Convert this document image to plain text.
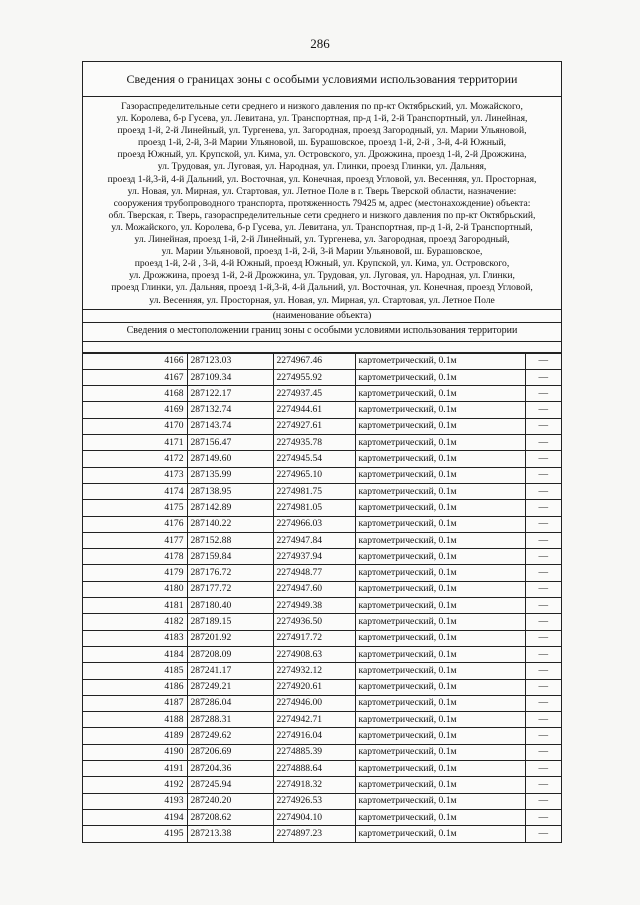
286
Сведения о границах зоны с особыми условиями использования территории
Газораспределительные сети среднего и низкого давления по пр-кт Октябрьский, ул. Можайского,
ул. Королева, б-р Гусева, ул. Левитана, ул. Транспортная, пр-д 1-й, 2-й Транспортный, ул. Линейная,
проезд 1-й, 2-й Линейный, ул. Тургенева, ул. Загородная, проезд Загородный, ул. Марии Ульяновой,
проезд 1-й, 2-й, 3-й Марии Ульяновой, ш. Бурашовское, проезд 1-й, 2-й , 3-й, 4-й Южный,
проезд Южный, ул. Крупской, ул. Кима, ул. Островского, ул. Дрожжина, проезд 1-й, 2-й Дрожжина,
ул. Трудовая, ул. Луговая, ул. Народная, ул. Глинки, проезд Глинки, ул. Дальняя,
проезд 1-й,3-й, 4-й Дальний, ул. Восточная, ул. Конечная, проезд Угловой, ул. Весенняя, ул. Просторная,
ул. Новая, ул. Мирная, ул. Стартовая, ул. Летное Поле в г. Тверь Тверской области, назначение:
сооружения трубопроводного транспорта, протяженность 79425 м, адрес (местонахождение) объекта:
обл. Тверская, г. Тверь, газораспределительные сети среднего и низкого давления по пр-кт Октябрьский,
ул. Можайского, ул. Королева, б-р Гусева, ул. Левитана, ул. Транспортная, пр-д 1-й, 2-й Транспортный,
ул. Линейная, проезд 1-й, 2-й Линейный, ул. Тургенева, ул. Загородная, проезд Загородный,
ул. Марии Ульяновой, проезд 1-й, 2-й, 3-й Марии Ульяновой, ш. Бурашовское,
проезд 1-й, 2-й , 3-й, 4-й Южный, проезд Южный, ул. Крупской, ул. Кима, ул. Островского,
ул. Дрожжина, проезд 1-й, 2-й Дрожжина, ул. Трудовая, ул. Луговая, ул. Народная, ул. Глинки,
проезд Глинки, ул. Дальняя, проезд 1-й,3-й, 4-й Дальний, ул. Восточная, ул. Конечная, проезд Угловой,
ул. Весенняя, ул. Просторная, ул. Новая, ул. Мирная, ул. Стартовая, ул. Летное Поле
(наименование объекта)
Сведения о местоположении границ зоны с особыми условиями использования территории
4166	287123.03	2274967.46	картометрический, 0.1м	—
4167	287109.34	2274955.92	картометрический, 0.1м	—
4168	287122.17	2274937.45	картометрический, 0.1м	—
4169	287132.74	2274944.61	картометрический, 0.1м	—
4170	287143.74	2274927.61	картометрический, 0.1м	—
4171	287156.47	2274935.78	картометрический, 0.1м	—
4172	287149.60	2274945.54	картометрический, 0.1м	—
4173	287135.99	2274965.10	картометрический, 0.1м	—
4174	287138.95	2274981.75	картометрический, 0.1м	—
4175	287142.89	2274981.05	картометрический, 0.1м	—
4176	287140.22	2274966.03	картометрический, 0.1м	—
4177	287152.88	2274947.84	картометрический, 0.1м	—
4178	287159.84	2274937.94	картометрический, 0.1м	—
4179	287176.72	2274948.77	картометрический, 0.1м	—
4180	287177.72	2274947.60	картометрический, 0.1м	—
4181	287180.40	2274949.38	картометрический, 0.1м	—
4182	287189.15	2274936.50	картометрический, 0.1м	—
4183	287201.92	2274917.72	картометрический, 0.1м	—
4184	287208.09	2274908.63	картометрический, 0.1м	—
4185	287241.17	2274932.12	картометрический, 0.1м	—
4186	287249.21	2274920.61	картометрический, 0.1м	—
4187	287286.04	2274946.00	картометрический, 0.1м	—
4188	287288.31	2274942.71	картометрический, 0.1м	—
4189	287249.62	2274916.04	картометрический, 0.1м	—
4190	287206.69	2274885.39	картометрический, 0.1м	—
4191	287204.36	2274888.64	картометрический, 0.1м	—
4192	287245.94	2274918.32	картометрический, 0.1м	—
4193	287240.20	2274926.53	картометрический, 0.1м	—
4194	287208.62	2274904.10	картометрический, 0.1м	—
4195	287213.38	2274897.23	картометрический, 0.1м	—
